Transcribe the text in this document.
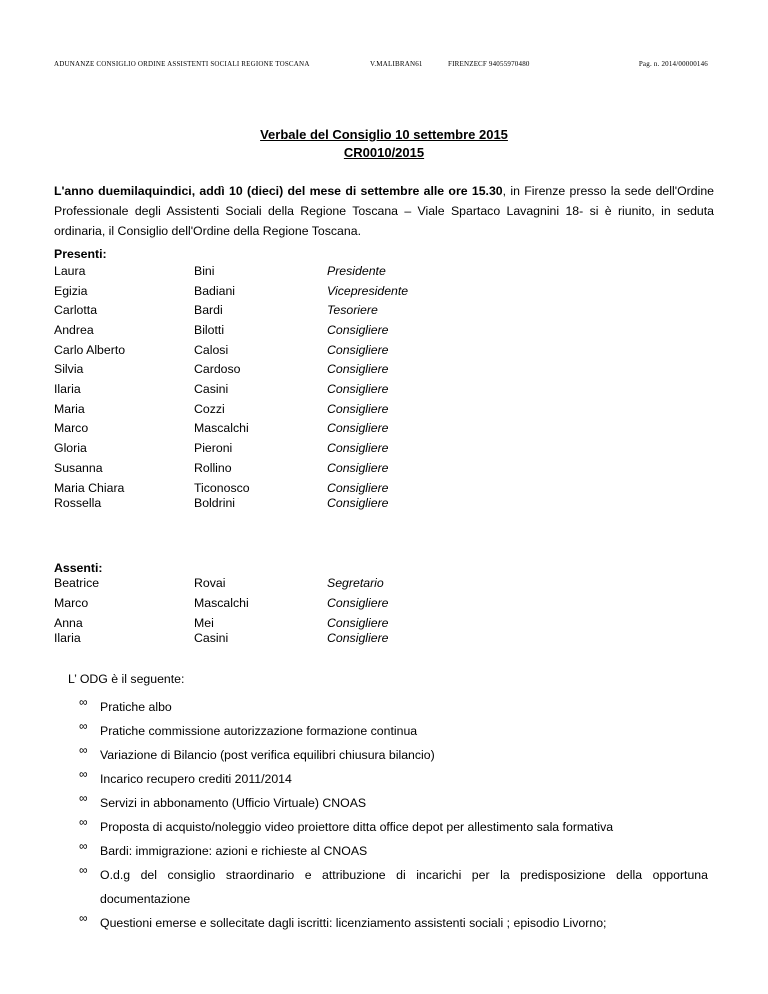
ADUNANZE CONSIGLIO ORDINE ASSISTENTI SOCIALI REGIONE TOSCANA	V.MALIBRAN61	FIRENZE CF 94055970480	Pag. n. 2014/00000146
Verbale del Consiglio 10 settembre 2015
CR0010/2015
L'anno duemilaquindici, addì 10 (dieci) del mese di settembre alle ore 15.30, in Firenze presso la sede dell'Ordine Professionale degli Assistenti Sociali della Regione Toscana – Viale Spartaco Lavagnini 18- si è riunito, in seduta ordinaria, il Consiglio dell'Ordine della Regione Toscana.
Presenti:
Laura	Bini	Presidente
Egizia	Badiani	Vicepresidente
Carlotta	Bardi	Tesoriere
Andrea	Bilotti	Consigliere
Carlo Alberto	Calosi	Consigliere
Silvia	Cardoso	Consigliere
Ilaria	Casini	Consigliere
Maria	Cozzi	Consigliere
Marco	Mascalchi	Consigliere
Gloria	Pieroni	Consigliere
Susanna	Rollino	Consigliere
Maria Chiara	Ticonosco	Consigliere
Rossella	Boldrini	Consigliere
Assenti:
Beatrice	Rovai	Segretario
Marco	Mascalchi	Consigliere
Anna	Mei	Consigliere
Ilaria	Casini	Consigliere
L’ ODG è il seguente:
∞ Pratiche albo
∞ Pratiche commissione autorizzazione formazione continua
∞ Variazione di Bilancio (post verifica equilibri chiusura bilancio)
∞ Incarico recupero crediti 2011/2014
∞ Servizi in abbonamento (Ufficio Virtuale) CNOAS
∞ Proposta di acquisto/noleggio video proiettore ditta office depot per allestimento sala formativa
∞ Bardi: immigrazione: azioni e richieste al CNOAS
∞ O.d.g del consiglio straordinario e attribuzione di incarichi per la predisposizione della opportuna documentazione
∞ Questioni emerse e sollecitate dagli iscritti: licenziamento assistenti sociali ; episodio Livorno;
